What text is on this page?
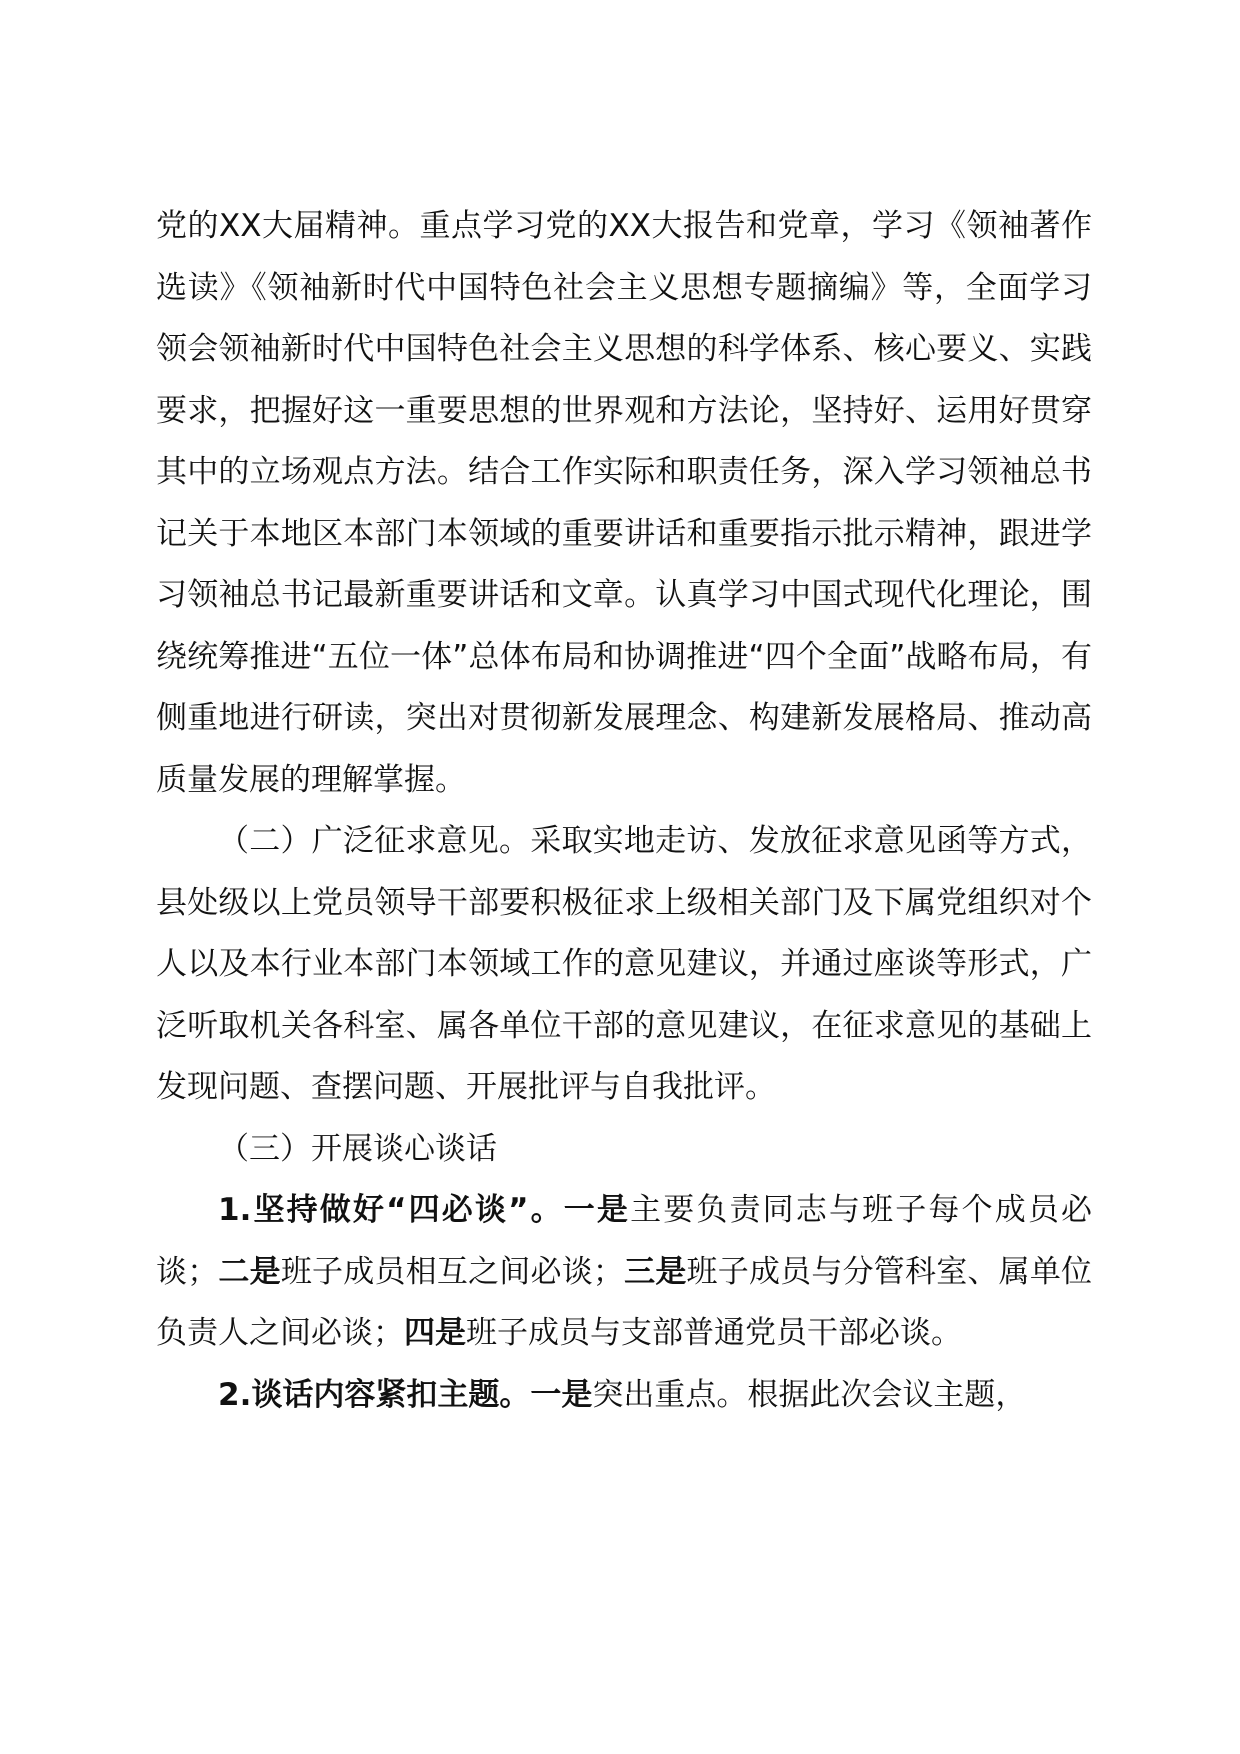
党的XX大届精神。重点学习党的XX大报告和党章，学习《领袖著作选读》《领袖新时代中国特色社会主义思想专题摘编》等，全面学习领会领袖新时代中国特色社会主义思想的科学体系、核心要义、实践要求，把握好这一重要思想的世界观和方法论，坚持好、运用好贯穿其中的立场观点方法。结合工作实际和职责任务，深入学习领袖总书记关于本地区本部门本领域的重要讲话和重要指示批示精神，跟进学习领袖总书记最新重要讲话和文章。认真学习中国式现代化理论，围绕统筹推进“五位一体”总体布局和协调推进“四个全面”战略布局，有侧重地进行研读，突出对贯彻新发展理念、构建新发展格局、推动高质量发展的理解掌握。

（二）广泛征求意见。采取实地走访、发放征求意见函等方式，县处级以上党员领导干部要积极征求上级相关部门及下属党组织对个人以及本行业本部门本领域工作的意见建议，并通过座谈等形式，广泛听取机关各科室、属各单位干部的意见建议，在征求意见的基础上发现问题、查摆问题、开展批评与自我批评。

（三）开展谈心谈话

1.坚持做好“四必谈”。一是主要负责同志与班子每个成员必谈；二是班子成员相互之间必谈；三是班子成员与分管科室、属单位负责人之间必谈；四是班子成员与支部普通党员干部必谈。

2.谈话内容紧扣主题。一是突出重点。根据此次会议主题，
